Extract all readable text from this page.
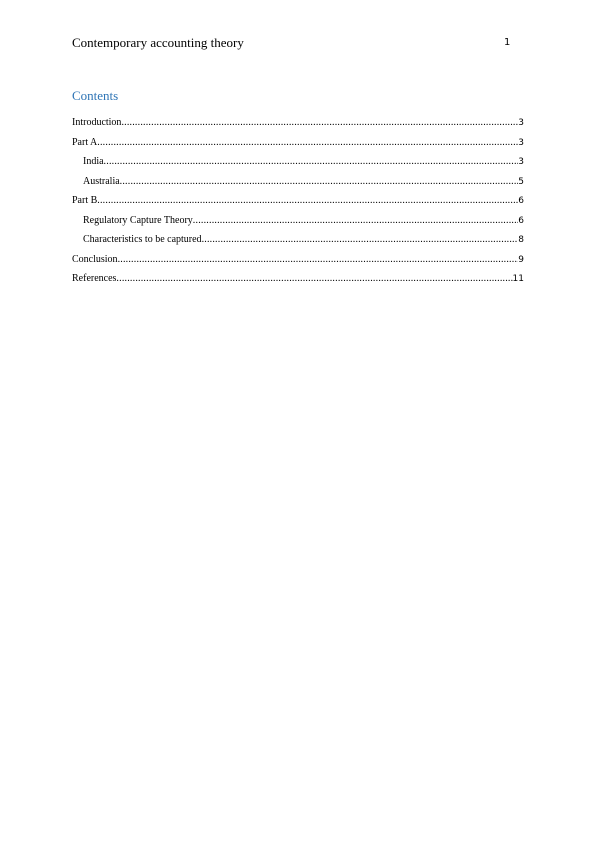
Contemporary accounting theory	1
Contents
Introduction .....	3
Part A .....	3
India .....	3
Australia .....	5
Part B .....	6
Regulatory Capture Theory .....	6
Characteristics to be captured .....	8
Conclusion .....	9
References .....	11
